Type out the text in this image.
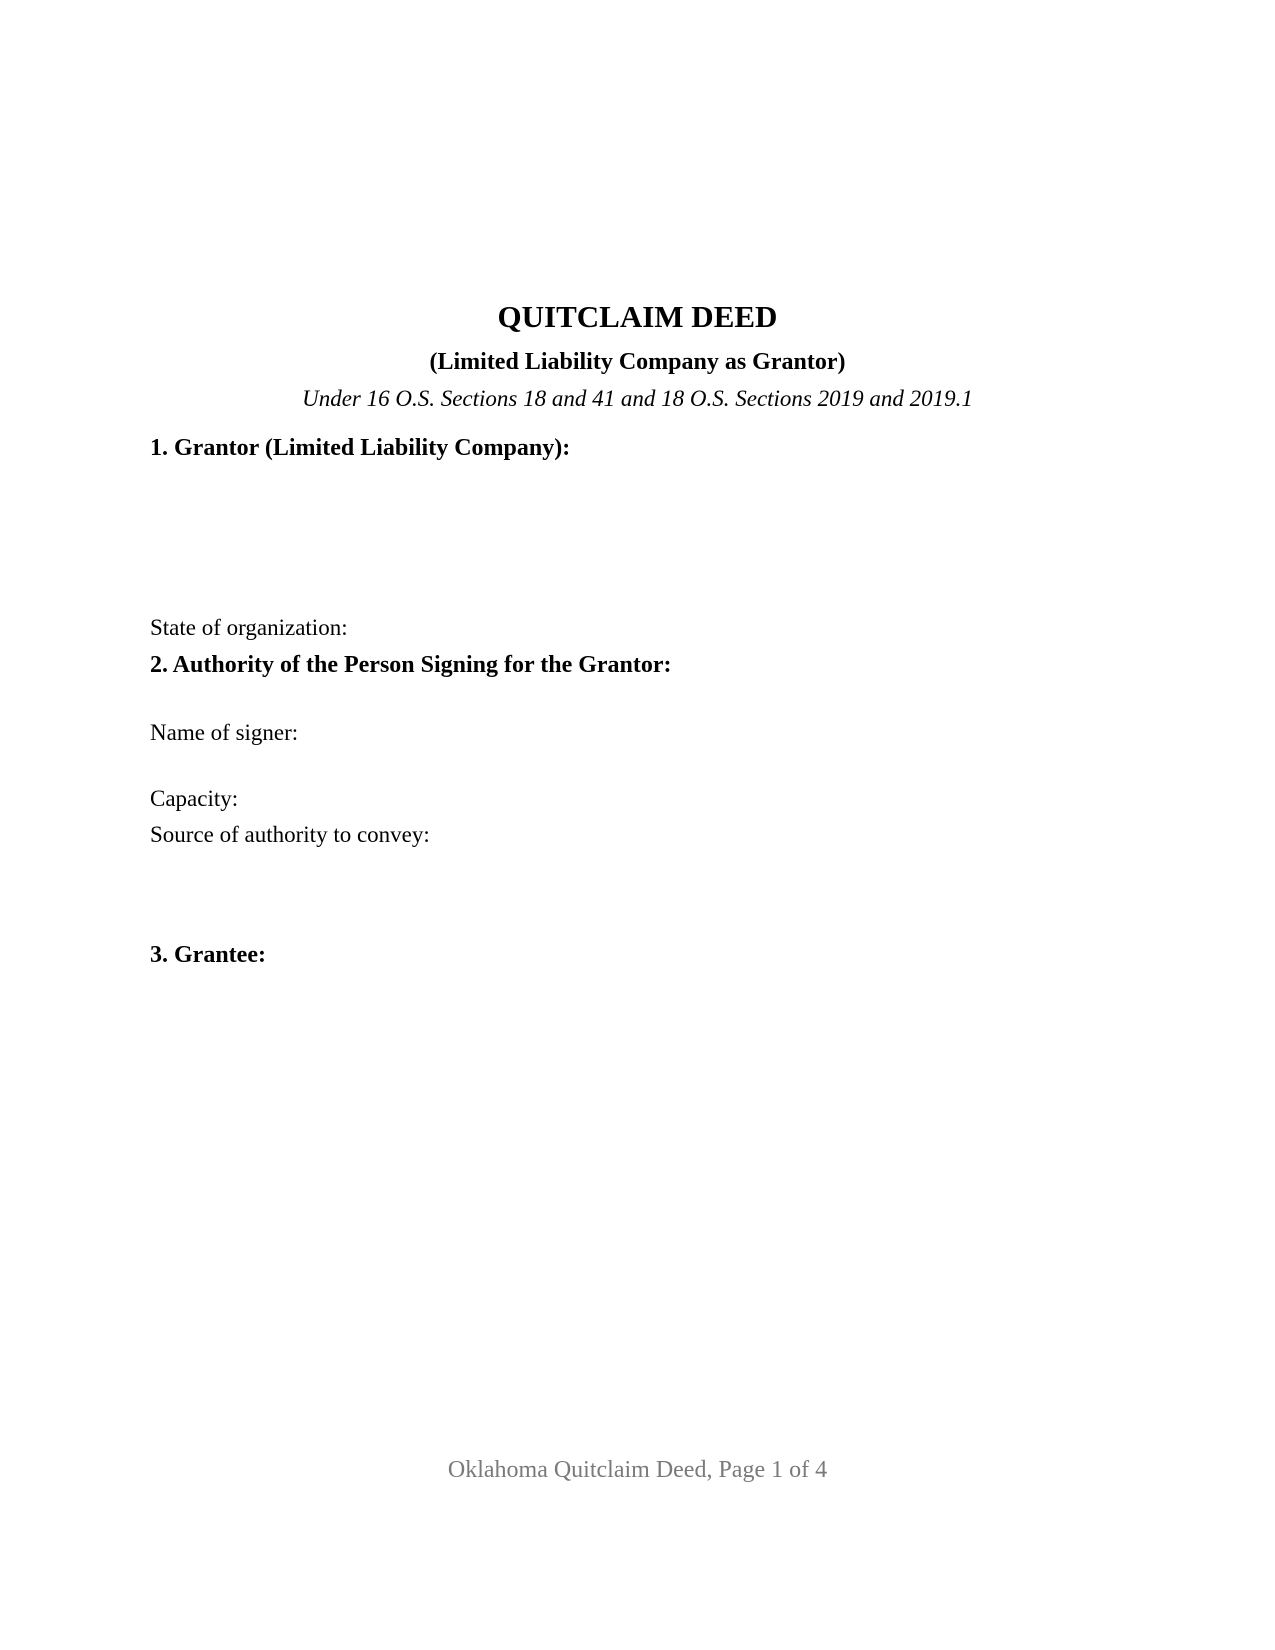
QUITCLAIM DEED
(Limited Liability Company as Grantor)
Under 16 O.S. Sections 18 and 41 and 18 O.S. Sections 2019 and 2019.1
1. Grantor (Limited Liability Company):
State of organization:
2. Authority of the Person Signing for the Grantor:
Name of signer:
Capacity:
Source of authority to convey:
3. Grantee:
Oklahoma Quitclaim Deed, Page 1 of 4
